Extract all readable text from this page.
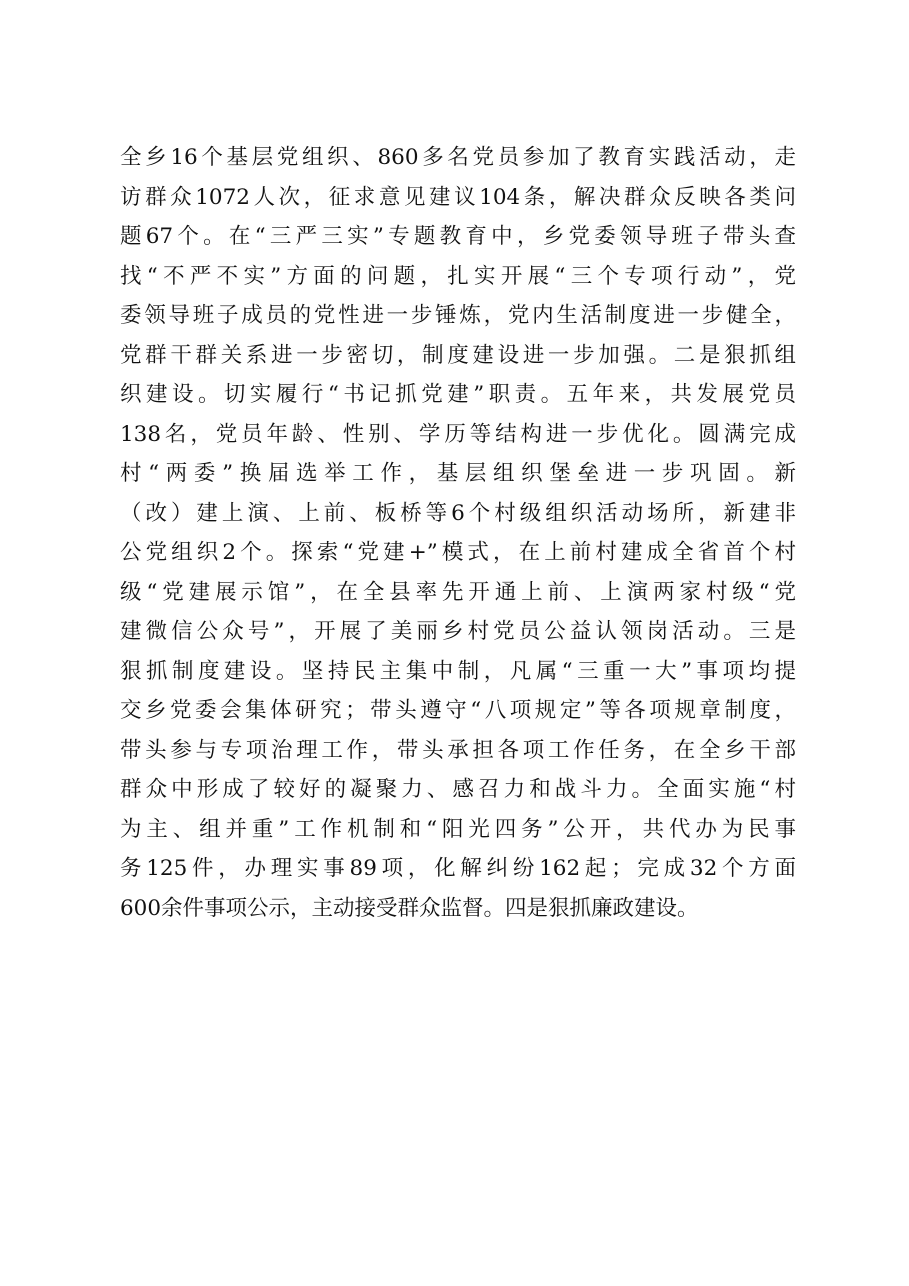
全乡16个基层党组织、860多名党员参加了教育实践活动，走
访群众1072人次，征求意见建议104条，解决群众反映各类问
题67个。在“三严三实”专题教育中，乡党委领导班子带头查
找“不严不实”方面的问题，扎实开展“三个专项行动”，党
委领导班子成员的党性进一步锤炼，党内生活制度进一步健全，
党群干群关系进一步密切，制度建设进一步加强。二是狠抓组
织建设。切实履行“书记抓党建”职责。五年来，共发展党员
138名，党员年龄、性别、学历等结构进一步优化。圆满完成
村“两委”换届选举工作，基层组织堡垒进一步巩固。新
（改）建上演、上前、板桥等6个村级组织活动场所，新建非
公党组织2个。探索“党建+”模式，在上前村建成全省首个村
级“党建展示馆”，在全县率先开通上前、上演两家村级“党
建微信公众号”，开展了美丽乡村党员公益认领岗活动。三是
狠抓制度建设。坚持民主集中制，凡属“三重一大”事项均提
交乡党委会集体研究；带头遵守“八项规定”等各项规章制度，
带头参与专项治理工作，带头承担各项工作任务，在全乡干部
群众中形成了较好的凝聚力、感召力和战斗力。全面实施“村
为主、组并重”工作机制和“阳光四务”公开，共代办为民事
务125件，办理实事89项，化解纠纷162起；完成32个方面
600余件事项公示，主动接受群众监督。四是狠抓廉政建设。
